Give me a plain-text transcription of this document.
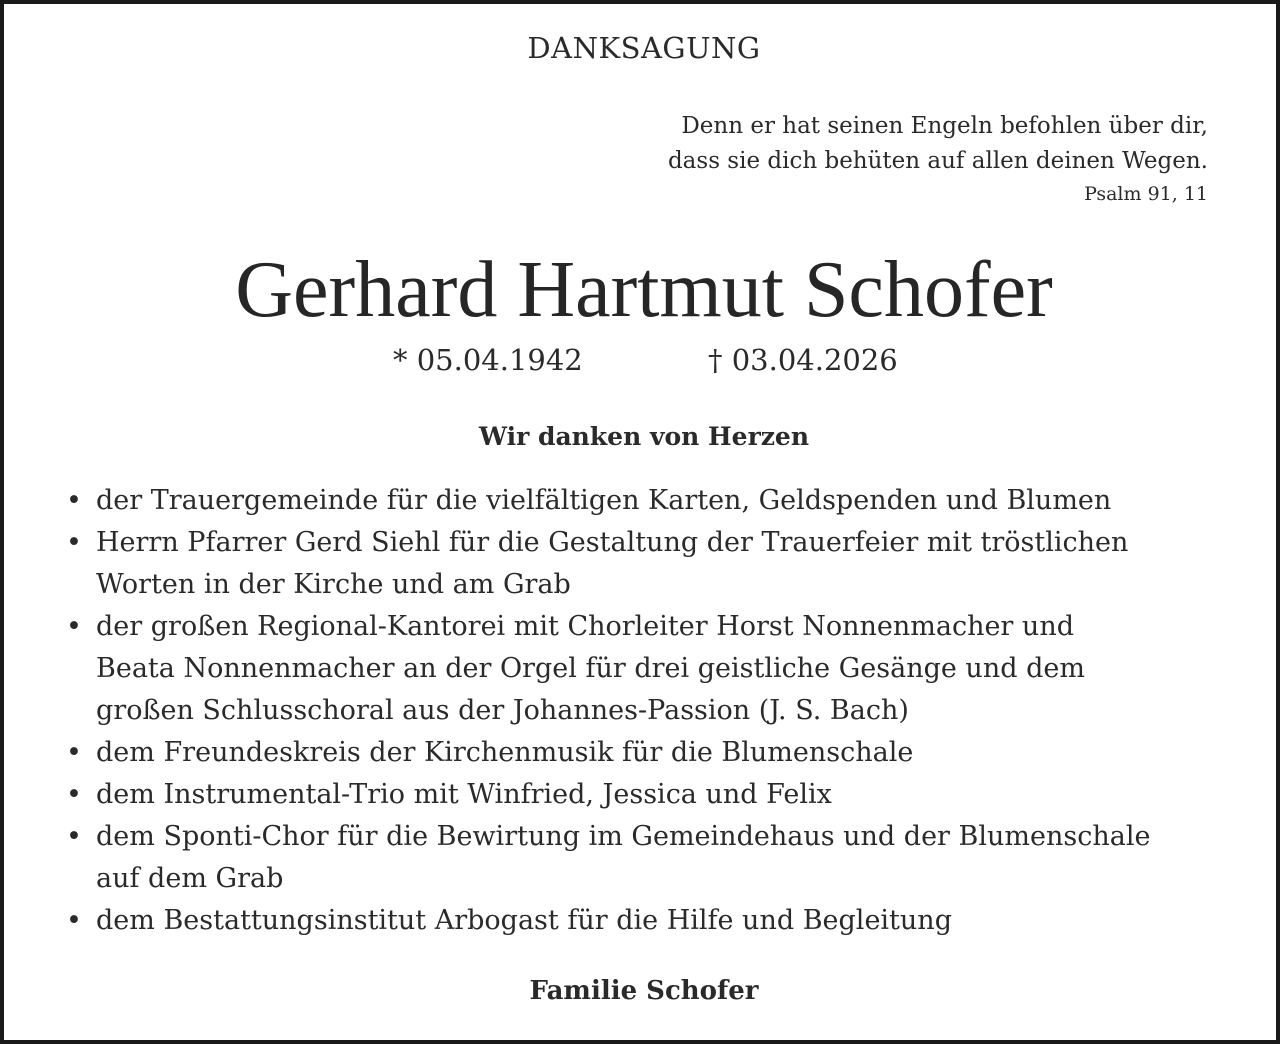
DANKSAGUNG
Denn er hat seinen Engeln befohlen über dir,
dass sie dich behüten auf allen deinen Wegen.
Psalm 91, 11
Gerhard Hartmut Schofer
* 05.04.1942	† 03.04.2026
Wir danken von Herzen
• der Trauergemeinde für die vielfältigen Karten, Geldspenden und Blumen
• Herrn Pfarrer Gerd Siehl für die Gestaltung der Trauerfeier mit tröstlichen
Worten in der Kirche und am Grab
• der großen Regional-Kantorei mit Chorleiter Horst Nonnenmacher und
Beata Nonnenmacher an der Orgel für drei geistliche Gesänge und dem
großen Schlusschoral aus der Johannes-Passion (J. S. Bach)
• dem Freundeskreis der Kirchenmusik für die Blumenschale
• dem Instrumental-Trio mit Winfried, Jessica und Felix
• dem Sponti-Chor für die Bewirtung im Gemeindehaus und der Blumenschale
auf dem Grab
• dem Bestattungsinstitut Arbogast für die Hilfe und Begleitung
Familie Schofer
